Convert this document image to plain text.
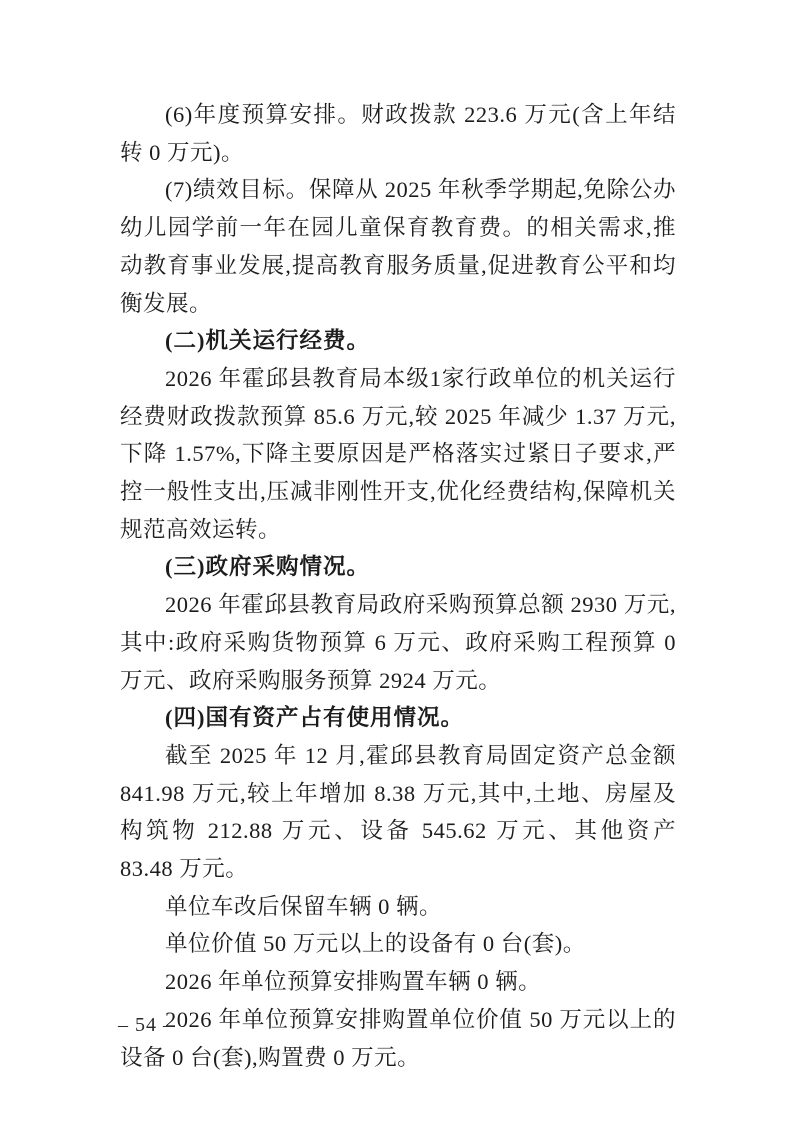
(6)年度预算安排。财政拨款 223.6 万元(含上年结转 0 万元)。

(7)绩效目标。保障从 2025 年秋季学期起,免除公办幼儿园学前一年在园儿童保育教育费。的相关需求,推动教育事业发展,提高教育服务质量,促进教育公平和均衡发展。

(二)机关运行经费。

2026 年霍邱县教育局本级1家行政单位的机关运行经费财政拨款预算 85.6 万元,较 2025 年减少 1.37 万元,下降 1.57%,下降主要原因是严格落实过紧日子要求,严控一般性支出,压减非刚性开支,优化经费结构,保障机关规范高效运转。

(三)政府采购情况。

2026 年霍邱县教育局政府采购预算总额 2930 万元,其中:政府采购货物预算 6 万元、政府采购工程预算 0 万元、政府采购服务预算 2924 万元。

(四)国有资产占有使用情况。

截至 2025 年 12 月,霍邱县教育局固定资产总金额 841.98 万元,较上年增加 8.38 万元,其中,土地、房屋及构筑物 212.88 万元、设备 545.62 万元、其他资产 83.48 万元。

单位车改后保留车辆 0 辆。

单位价值 50 万元以上的设备有 0 台(套)。

2026 年单位预算安排购置车辆 0 辆。

2026 年单位预算安排购置单位价值 50 万元以上的设备 0 台(套),购置费 0 万元。

– 54 –
